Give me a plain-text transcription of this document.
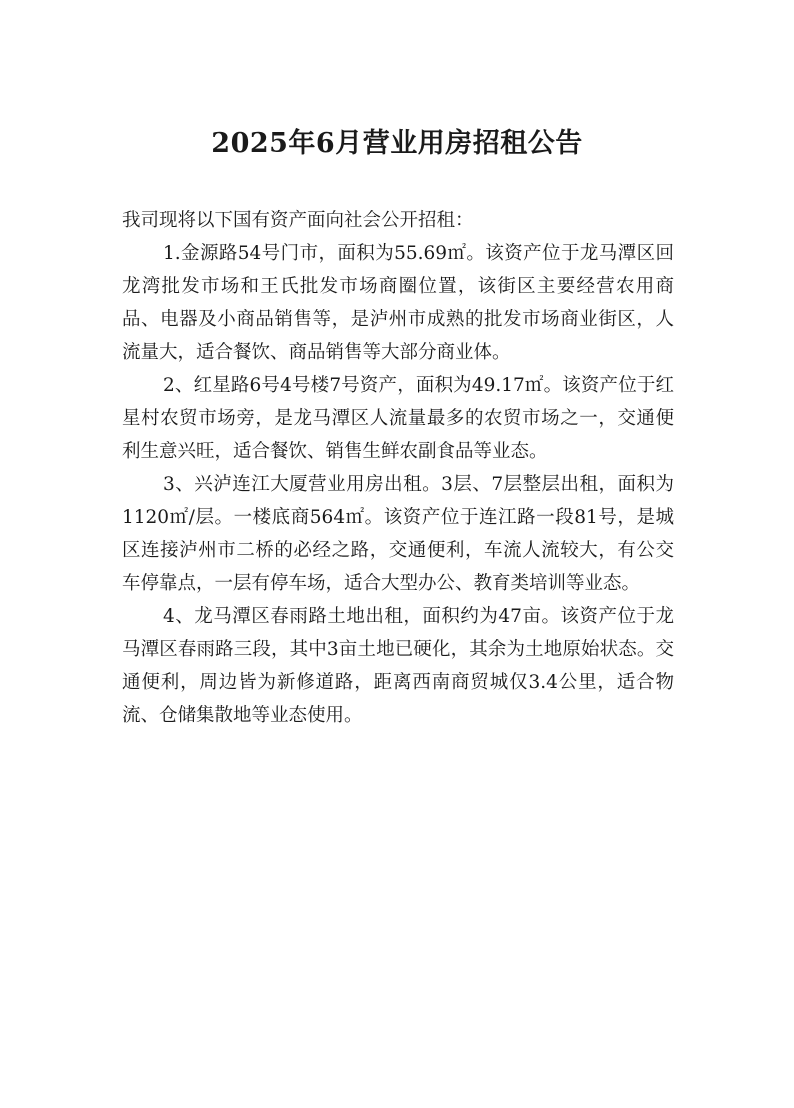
2025年6月营业用房招租公告

我司现将以下国有资产面向社会公开招租：

1.金源路54号门市，面积为55.69㎡。该资产位于龙马潭区回龙湾批发市场和王氏批发市场商圈位置，该街区主要经营农用商品、电器及小商品销售等，是泸州市成熟的批发市场商业街区，人流量大，适合餐饮、商品销售等大部分商业体。

2、红星路6号4号楼7号资产，面积为49.17㎡。该资产位于红星村农贸市场旁，是龙马潭区人流量最多的农贸市场之一，交通便利生意兴旺，适合餐饮、销售生鲜农副食品等业态。

3、兴泸连江大厦营业用房出租。3层、7层整层出租，面积为1120㎡/层。一楼底商564㎡。该资产位于连江路一段81号，是城区连接泸州市二桥的必经之路，交通便利，车流人流较大，有公交车停靠点，一层有停车场，适合大型办公、教育类培训等业态。

4、龙马潭区春雨路土地出租，面积约为47亩。该资产位于龙马潭区春雨路三段，其中3亩土地已硬化，其余为土地原始状态。交通便利，周边皆为新修道路，距离西南商贸城仅3.4公里，适合物流、仓储集散地等业态使用。
